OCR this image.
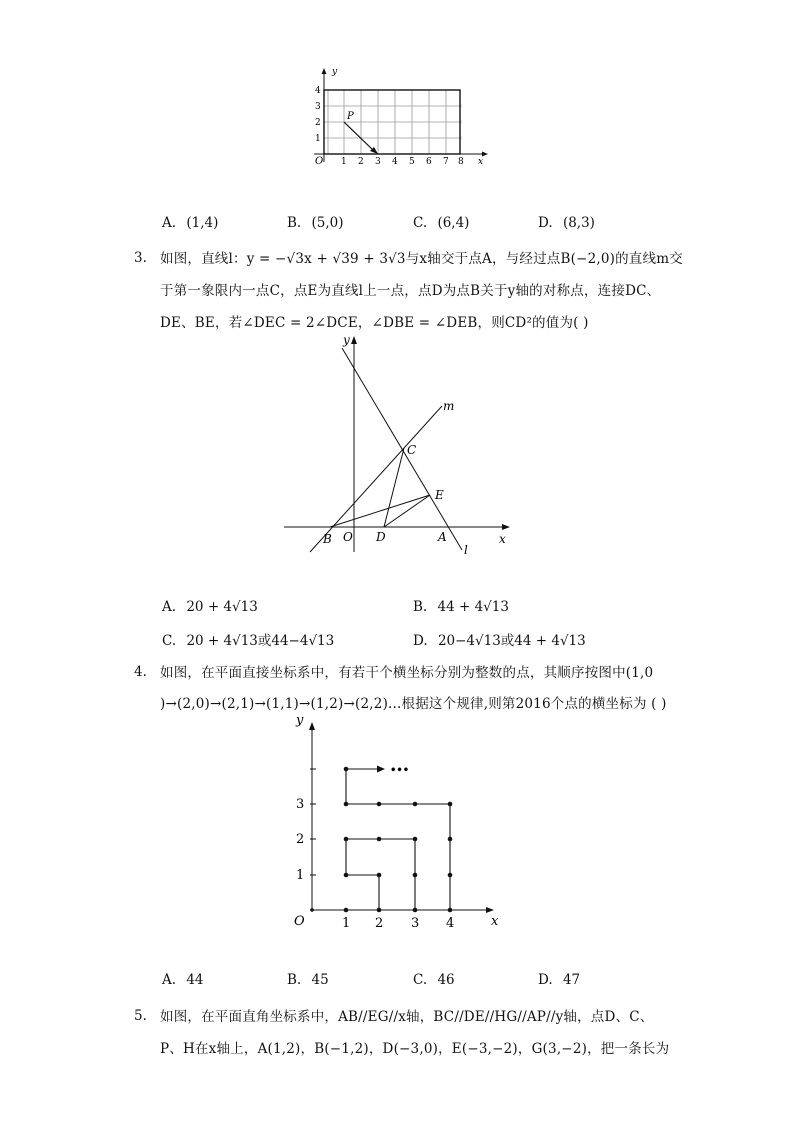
y
x
O
P
1 2 3 4 5 6 7 8
1
2
3
4
A. (1,4)	B. (5,0)	C. (6,4)	D. (8,3)
3. 如图，直线l：y = −√3x + √39 + 3√3与x轴交于点A，与经过点B(−2,0)的直线m交
于第一象限内一点C，点E为直线l上一点，点D为点B关于y轴的对称点，连接DC、
DE、BE，若∠DEC = 2∠DCE，∠DBE = ∠DEB，则CD²的值为( )
y
m
C
E
B O D	A	x
l
A. 20 + 4√13	B. 44 + 4√13
C. 20 + 4√13或44−4√13	D. 20−4√13或44 + 4√13
4. 如图，在平面直接坐标系中，有若干个横坐标分别为整数的点，其顺序按图中(1,0
)→(2,0)→(2,1)→(1,1)→(1,2)→(2,2)...根据这个规律,则第2016个点的横坐标为 ( )
•••
y
x
O	1 2 3 4
1
2
3
A. 44	B. 45	C. 46	D. 47
5. 如图，在平面直角坐标系中，AB//EG//x轴，BC//DE//HG//AP//y轴，点D、C、
P、H在x轴上，A(1,2)，B(−1,2)，D(−3,0)，E(−3,−2)，G(3,−2)，把一条长为
